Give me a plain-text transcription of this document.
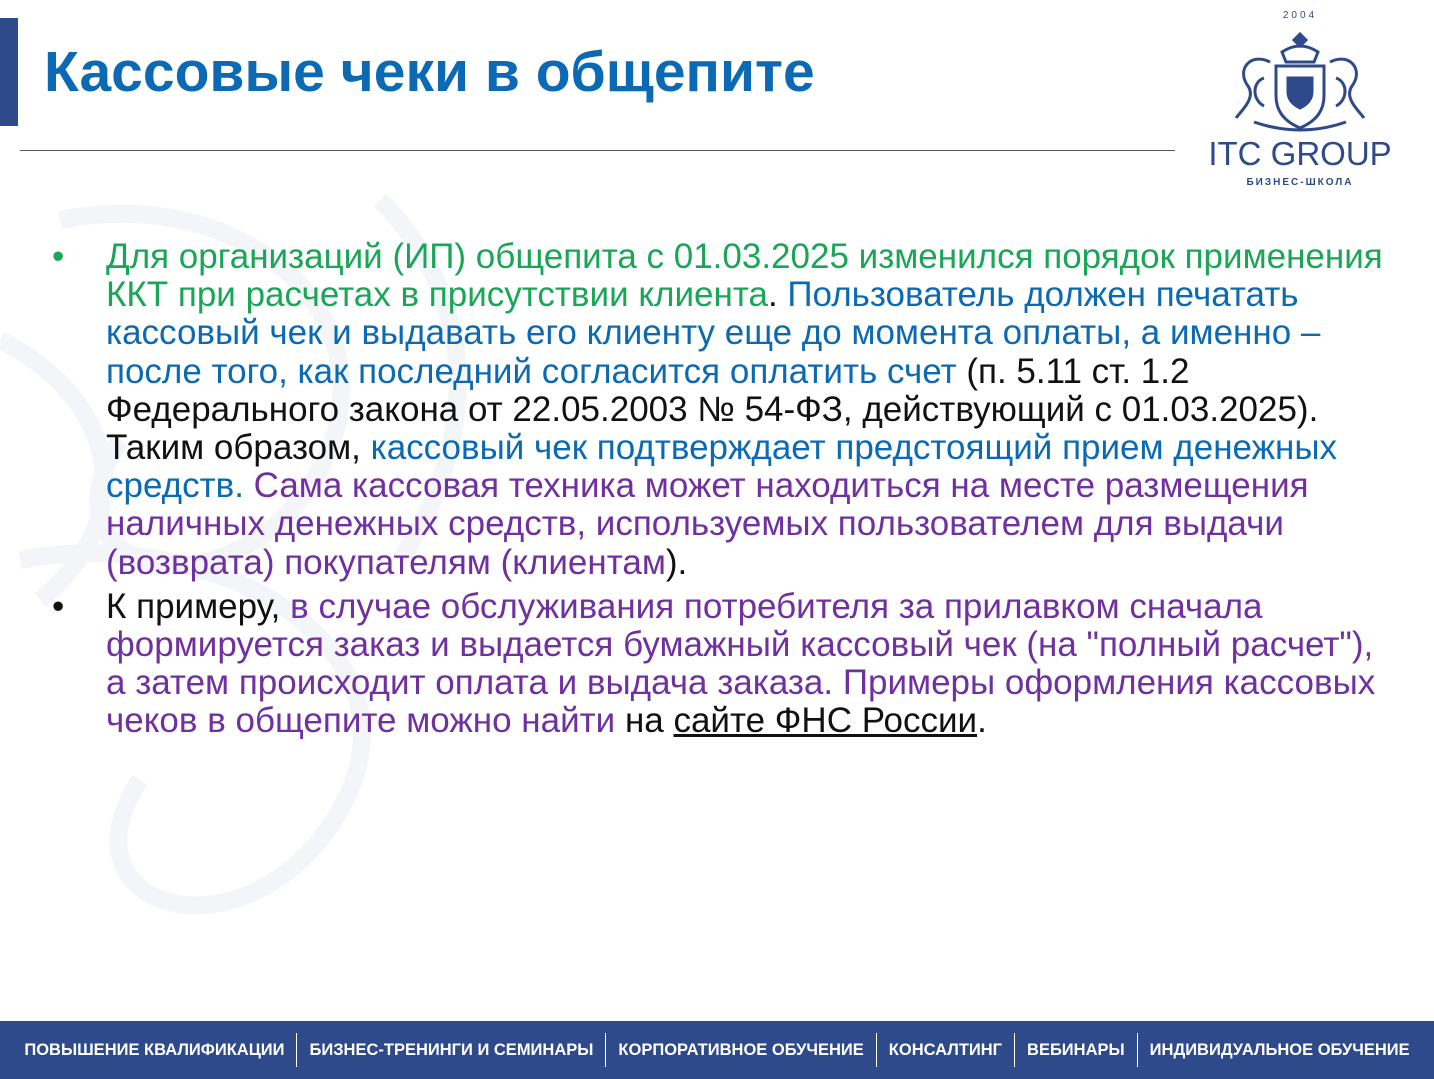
Кассовые чеки в общепите
2004
ITC GROUP
БИЗНЕС-ШКОЛА
• Для организаций (ИП) общепита с 01.03.2025 изменился порядок применения ККТ при расчетах в присутствии клиента. Пользователь должен печатать кассовый чек и выдавать его клиенту еще до момента оплаты, а именно – после того, как последний согласится оплатить счет (п. 5.11 ст. 1.2 Федерального закона от 22.05.2003 № 54-ФЗ, действующий с 01.03.2025). Таким образом, кассовый чек подтверждает предстоящий прием денежных средств. Сама кассовая техника может находиться на месте размещения наличных денежных средств, используемых пользователем для выдачи (возврата) покупателям (клиентам).
• К примеру, в случае обслуживания потребителя за прилавком сначала формируется заказ и выдается бумажный кассовый чек (на "полный расчет"), а затем происходит оплата и выдача заказа. Примеры оформления кассовых чеков в общепите можно найти на сайте ФНС России.
ПОВЫШЕНИЕ КВАЛИФИКАЦИИ	БИЗНЕС-ТРЕНИНГИ И СЕМИНАРЫ	КОРПОРАТИВНОЕ ОБУЧЕНИЕ	КОНСАЛТИНГ	ВЕБИНАРЫ	ИНДИВИДУАЛЬНОЕ ОБУЧЕНИЕ
